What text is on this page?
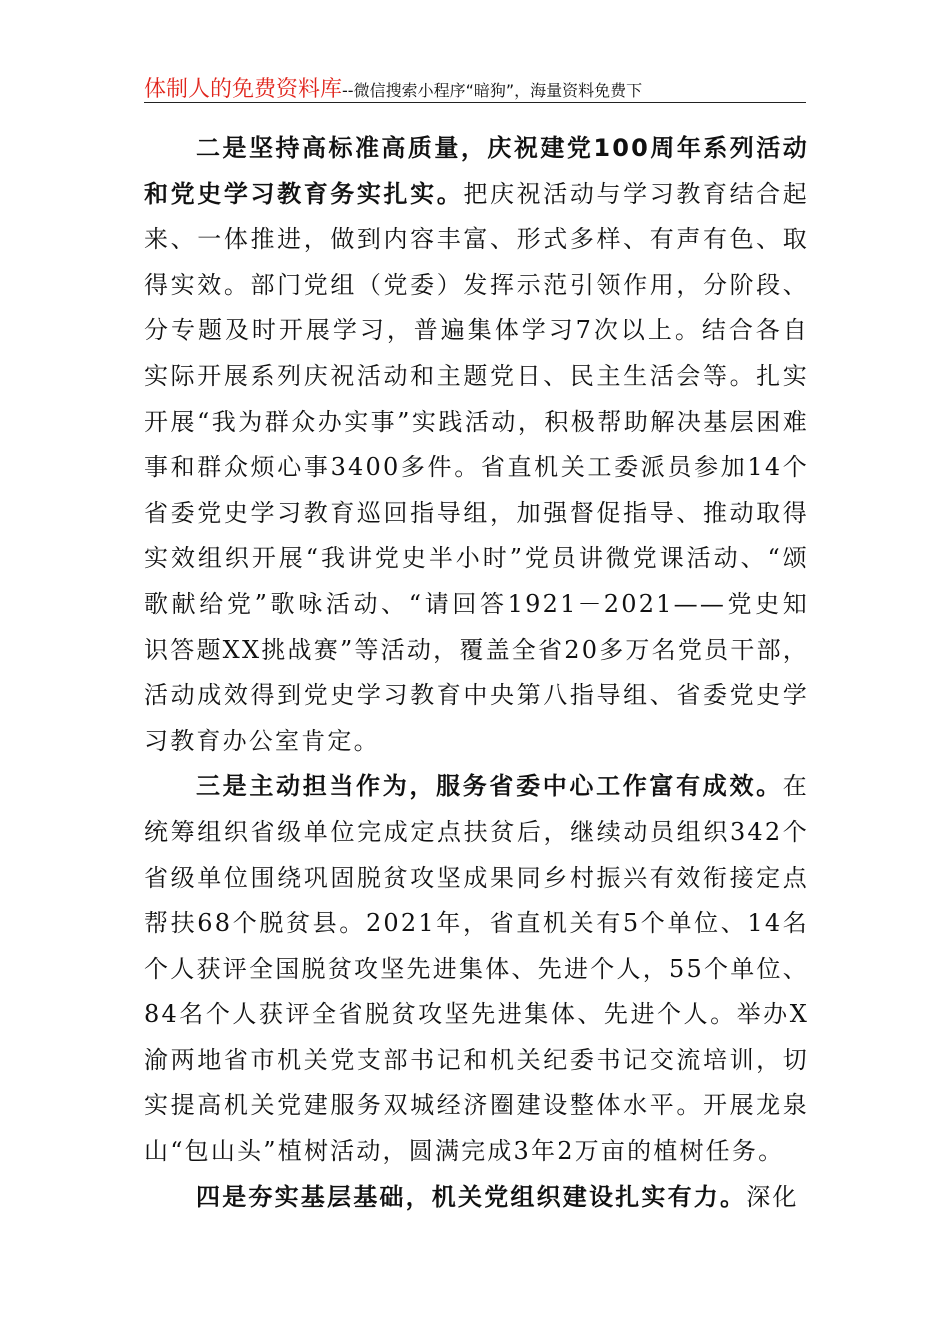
体制人的免费资料库--微信搜索小程序“暗狗”，海量资料免费下

二是坚持高标准高质量，庆祝建党100周年系列活动和党史学习教育务实扎实。把庆祝活动与学习教育结合起来、一体推进，做到内容丰富、形式多样、有声有色、取得实效。部门党组（党委）发挥示范引领作用，分阶段、分专题及时开展学习，普遍集体学习7次以上。结合各自实际开展系列庆祝活动和主题党日、民主生活会等。扎实开展“我为群众办实事”实践活动，积极帮助解决基层困难事和群众烦心事3400多件。省直机关工委派员参加14个省委党史学习教育巡回指导组，加强督促指导、推动取得实效组织开展“我讲党史半小时”党员讲微党课活动、“颂歌献给党”歌咏活动、“请回答1921－2021——党史知识答题XX挑战赛”等活动，覆盖全省20多万名党员干部，活动成效得到党史学习教育中央第八指导组、省委党史学习教育办公室肯定。

三是主动担当作为，服务省委中心工作富有成效。在统筹组织省级单位完成定点扶贫后，继续动员组织342个省级单位围绕巩固脱贫攻坚成果同乡村振兴有效衔接定点帮扶68个脱贫县。2021年，省直机关有5个单位、14名个人获评全国脱贫攻坚先进集体、先进个人，55个单位、84名个人获评全省脱贫攻坚先进集体、先进个人。举办X渝两地省市机关党支部书记和机关纪委书记交流培训，切实提高机关党建服务双城经济圈建设整体水平。开展龙泉山“包山头”植树活动，圆满完成3年2万亩的植树任务。

四是夯实基层基础，机关党组织建设扎实有力。深化
